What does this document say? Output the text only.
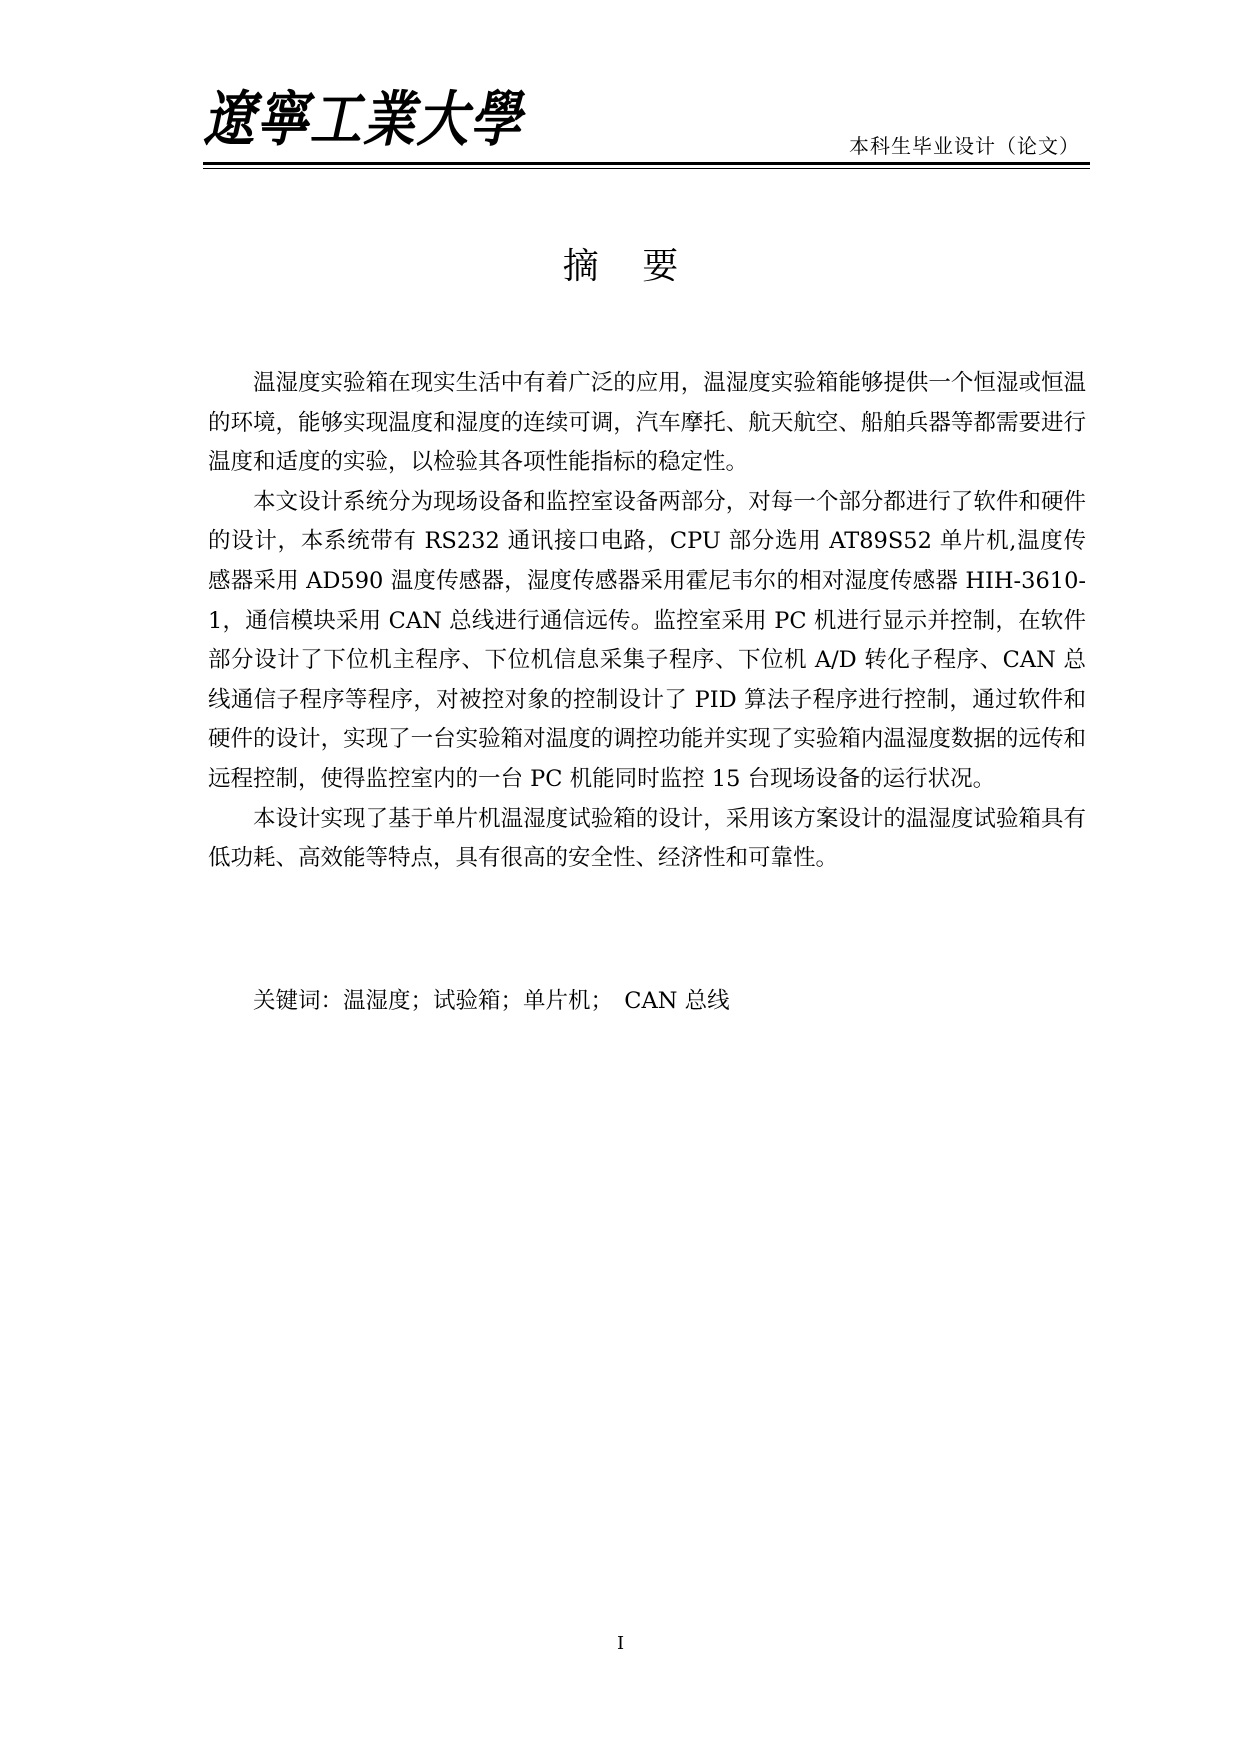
遼寧工業大學	本科生毕业设计（论文）
摘 要

温湿度实验箱在现实生活中有着广泛的应用，温湿度实验箱能够提供一个恒湿或恒温的环境，能够实现温度和湿度的连续可调，汽车摩托、航天航空、船舶兵器等都需要进行温度和适度的实验，以检验其各项性能指标的稳定性。

本文设计系统分为现场设备和监控室设备两部分，对每一个部分都进行了软件和硬件的设计，本系统带有 RS232 通讯接口电路，CPU 部分选用 AT89S52 单片机,温度传感器采用 AD590 温度传感器，湿度传感器采用霍尼韦尔的相对湿度传感器 HIH-3610-1，通信模块采用 CAN 总线进行通信远传。监控室采用 PC 机进行显示并控制，在软件部分设计了下位机主程序、下位机信息采集子程序、下位机 A/D 转化子程序、CAN 总线通信子程序等程序，对被控对象的控制设计了 PID 算法子程序进行控制，通过软件和硬件的设计，实现了一台实验箱对温度的调控功能并实现了实验箱内温湿度数据的远传和远程控制，使得监控室内的一台 PC 机能同时监控 15 台现场设备的运行状况。

本设计实现了基于单片机温湿度试验箱的设计，采用该方案设计的温湿度试验箱具有低功耗、高效能等特点，具有很高的安全性、经济性和可靠性。

关键词：温湿度；试验箱；单片机；　CAN 总线
I
